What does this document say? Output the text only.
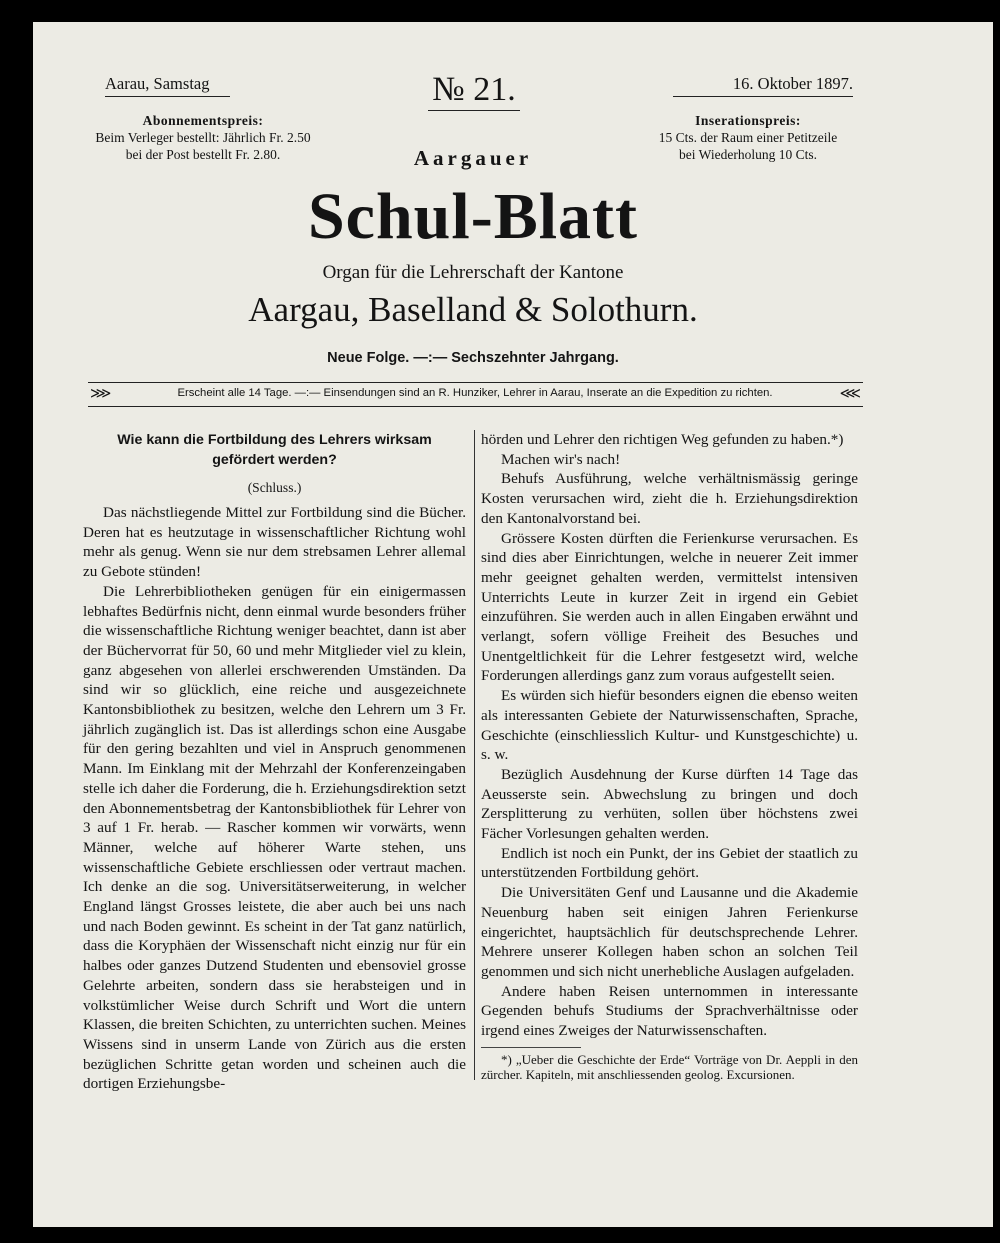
Aarau, Samstag	№ 21.	16. Oktober 1897.
Abonnementspreis:
Beim Verleger bestellt: Jährlich Fr. 2.50
bei der Post bestellt Fr. 2.80.
Inserationspreis:
15 Cts. der Raum einer Petitzeile
bei Wiederholung 10 Cts.
Aargauer
Schul-Blatt
Organ für die Lehrerschaft der Kantone
Aargau, Baselland & Solothurn.
Neue Folge. —:— Sechszehnter Jahrgang.
⋙	Erscheint alle 14 Tage. —:— Einsendungen sind an R. Hunziker, Lehrer in Aarau, Inserate an die Expedition zu richten.	⋘
Wie kann die Fortbildung des Lehrers wirksam
gefördert werden?
(Schluss.)

Das nächstliegende Mittel zur Fortbildung sind die Bücher. Deren hat es heutzutage in wissenschaftlicher Richtung wohl mehr als genug. Wenn sie nur dem strebsamen Lehrer allemal zu Gebote stünden!

Die Lehrerbibliotheken genügen für ein einigermassen lebhaftes Bedürfnis nicht, denn einmal wurde besonders früher die wissenschaftliche Richtung weniger beachtet, dann ist aber der Büchervorrat für 50, 60 und mehr Mitglieder viel zu klein, ganz abgesehen von allerlei erschwerenden Umständen. Da sind wir so glücklich, eine reiche und ausgezeichnete Kantonsbibliothek zu besitzen, welche den Lehrern um 3 Fr. jährlich zugänglich ist. Das ist allerdings schon eine Ausgabe für den gering bezahlten und viel in Anspruch genommenen Mann. Im Einklang mit der Mehrzahl der Konferenzeingaben stelle ich daher die Forderung, die h. Erziehungsdirektion setzt den Abonnementsbetrag der Kantonsbibliothek für Lehrer von 3 auf 1 Fr. herab. — Rascher kommen wir vorwärts, wenn Männer, welche auf höherer Warte stehen, uns wissenschaftliche Gebiete erschliessen oder vertraut machen. Ich denke an die sog. Universitätserweiterung, in welcher England längst Grosses leistete, die aber auch bei uns nach und nach Boden gewinnt. Es scheint in der Tat ganz natürlich, dass die Koryphäen der Wissenschaft nicht einzig nur für ein halbes oder ganzes Dutzend Studenten und ebensoviel grosse Gelehrte arbeiten, sondern dass sie herabsteigen und in volkstümlicher Weise durch Schrift und Wort die untern Klassen, die breiten Schichten, zu unterrichten suchen. Meines Wissens sind in unserm Lande von Zürich aus die ersten bezüglichen Schritte getan worden und scheinen auch die dortigen Erziehungsbe-

hörden und Lehrer den richtigen Weg gefunden zu haben.*)

Machen wir's nach!

Behufs Ausführung, welche verhältnismässig geringe Kosten verursachen wird, zieht die h. Erziehungsdirektion den Kantonalvorstand bei.

Grössere Kosten dürften die Ferienkurse verursachen. Es sind dies aber Einrichtungen, welche in neuerer Zeit immer mehr geeignet gehalten werden, vermittelst intensiven Unterrichts Leute in kurzer Zeit in irgend ein Gebiet einzuführen. Sie werden auch in allen Eingaben erwähnt und verlangt, sofern völlige Freiheit des Besuches und Unentgeltlichkeit für die Lehrer festgesetzt wird, welche Forderungen allerdings ganz zum voraus aufgestellt seien.

Es würden sich hiefür besonders eignen die ebenso weiten als interessanten Gebiete der Naturwissenschaften, Sprache, Geschichte (einschliesslich Kultur- und Kunstgeschichte) u. s. w.

Bezüglich Ausdehnung der Kurse dürften 14 Tage das Aeusserste sein. Abwechslung zu bringen und doch Zersplitterung zu verhüten, sollen über höchstens zwei Fächer Vorlesungen gehalten werden.

Endlich ist noch ein Punkt, der ins Gebiet der staatlich zu unterstützenden Fortbildung gehört.

Die Universitäten Genf und Lausanne und die Akademie Neuenburg haben seit einigen Jahren Ferienkurse eingerichtet, hauptsächlich für deutschsprechende Lehrer. Mehrere unserer Kollegen haben schon an solchen Teil genommen und sich nicht unerhebliche Auslagen aufgeladen.

Andere haben Reisen unternommen in interessante Gegenden behufs Studiums der Sprachverhältnisse oder irgend eines Zweiges der Naturwissenschaften.

*) „Ueber die Geschichte der Erde“ Vorträge von Dr. Aeppli in den zürcher. Kapiteln, mit anschliessenden geolog. Excursionen.
